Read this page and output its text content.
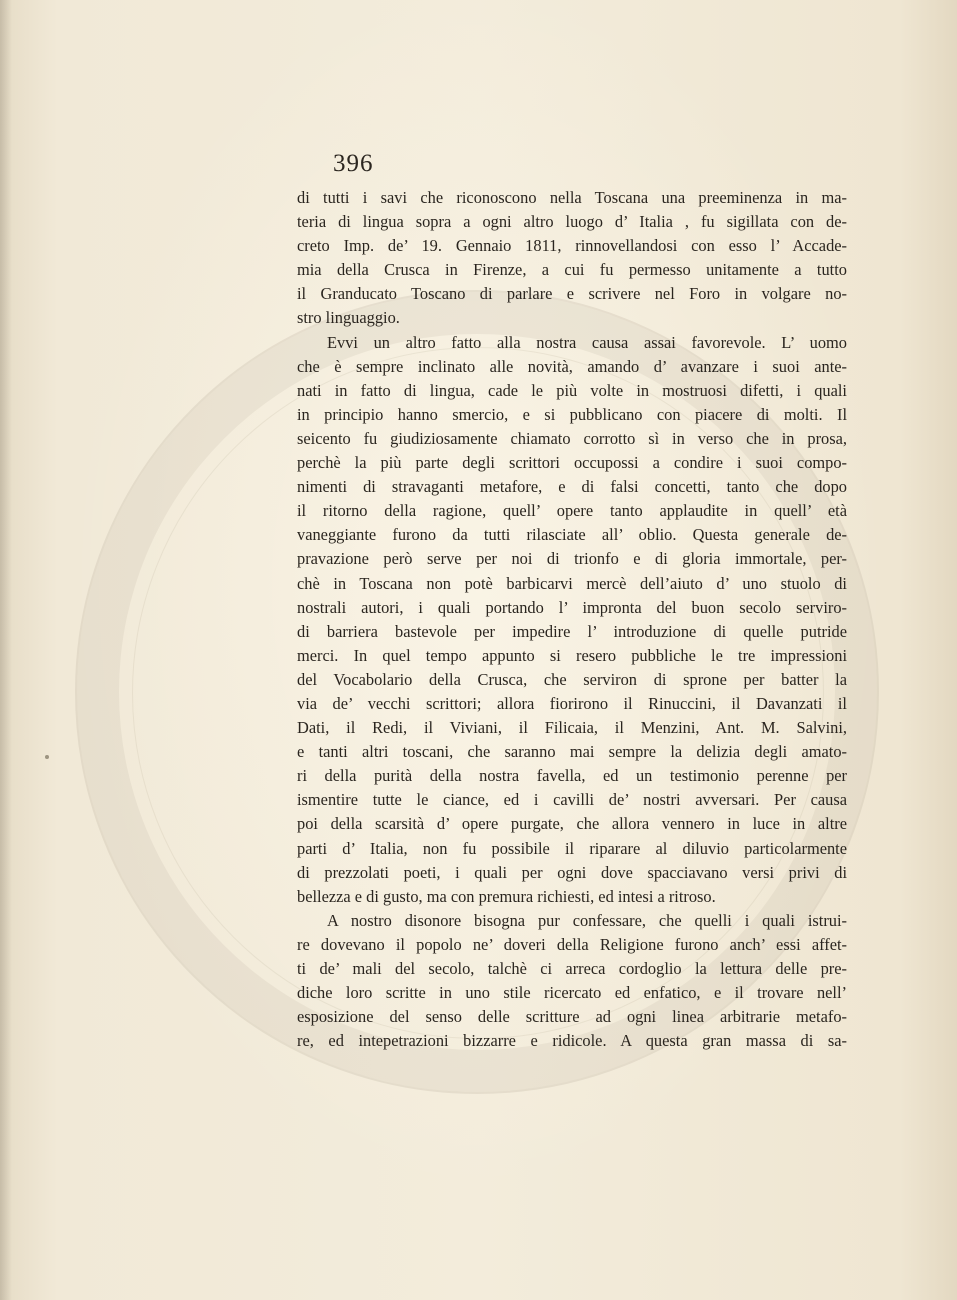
396
di tutti i savi che riconoscono nella Toscana una preeminenza in ma-
teria di lingua sopra a ogni altro luogo d’ Italia , fu sigillata con de-
creto Imp. de’ 19. Gennaio 1811, rinnovellandosi con esso l’ Accade-
mia della Crusca in Firenze, a cui fu permesso unitamente a tutto
il Granducato Toscano di parlare e scrivere nel Foro in volgare no-
stro linguaggio.
Evvi un altro fatto alla nostra causa assai favorevole. L’ uomo
che è sempre inclinato alle novità, amando d’ avanzare i suoi ante-
nati in fatto di lingua, cade le più volte in mostruosi difetti, i quali
in principio hanno smercio, e si pubblicano con piacere di molti. Il
seicento fu giudiziosamente chiamato corrotto sì in verso che in prosa,
perchè la più parte degli scrittori occupossi a condire i suoi compo-
nimenti di stravaganti metafore, e di falsi concetti, tanto che dopo
il ritorno della ragione, quell’ opere tanto applaudite in quell’ età
vaneggiante furono da tutti rilasciate all’ oblio. Questa generale de-
pravazione però serve per noi di trionfo e di gloria immortale, per-
chè in Toscana non potè barbicarvi mercè dell’aiuto d’ uno stuolo di
nostrali autori, i quali portando l’ impronta del buon secolo serviro-
di barriera bastevole per impedire l’ introduzione di quelle putride
merci. In quel tempo appunto si resero pubbliche le tre impressioni
del Vocabolario della Crusca, che serviron di sprone per batter la
via de’ vecchi scrittori; allora fiorirono il Rinuccini, il Davanzati il
Dati, il Redi, il Viviani, il Filicaia, il Menzini, Ant. M. Salvini,
e tanti altri toscani, che saranno mai sempre la delizia degli amato-
ri della purità della nostra favella, ed un testimonio perenne per
ismentire tutte le ciance, ed i cavilli de’ nostri avversari. Per causa
poi della scarsità d’ opere purgate, che allora vennero in luce in altre
parti d’ Italia, non fu possibile il riparare al diluvio particolarmente
di prezzolati poeti, i quali per ogni dove spacciavano versi privi di
bellezza e di gusto, ma con premura richiesti, ed intesi a ritroso.
A nostro disonore bisogna pur confessare, che quelli i quali istrui-
re dovevano il popolo ne’ doveri della Religione furono anch’ essi affet-
ti de’ mali del secolo, talchè ci arreca cordoglio la lettura delle pre-
diche loro scritte in uno stile ricercato ed enfatico, e il trovare nell’
esposizione del senso delle scritture ad ogni linea arbitrarie metafo-
re, ed intepetrazioni bizzarre e ridicole. A questa gran massa di sa-
